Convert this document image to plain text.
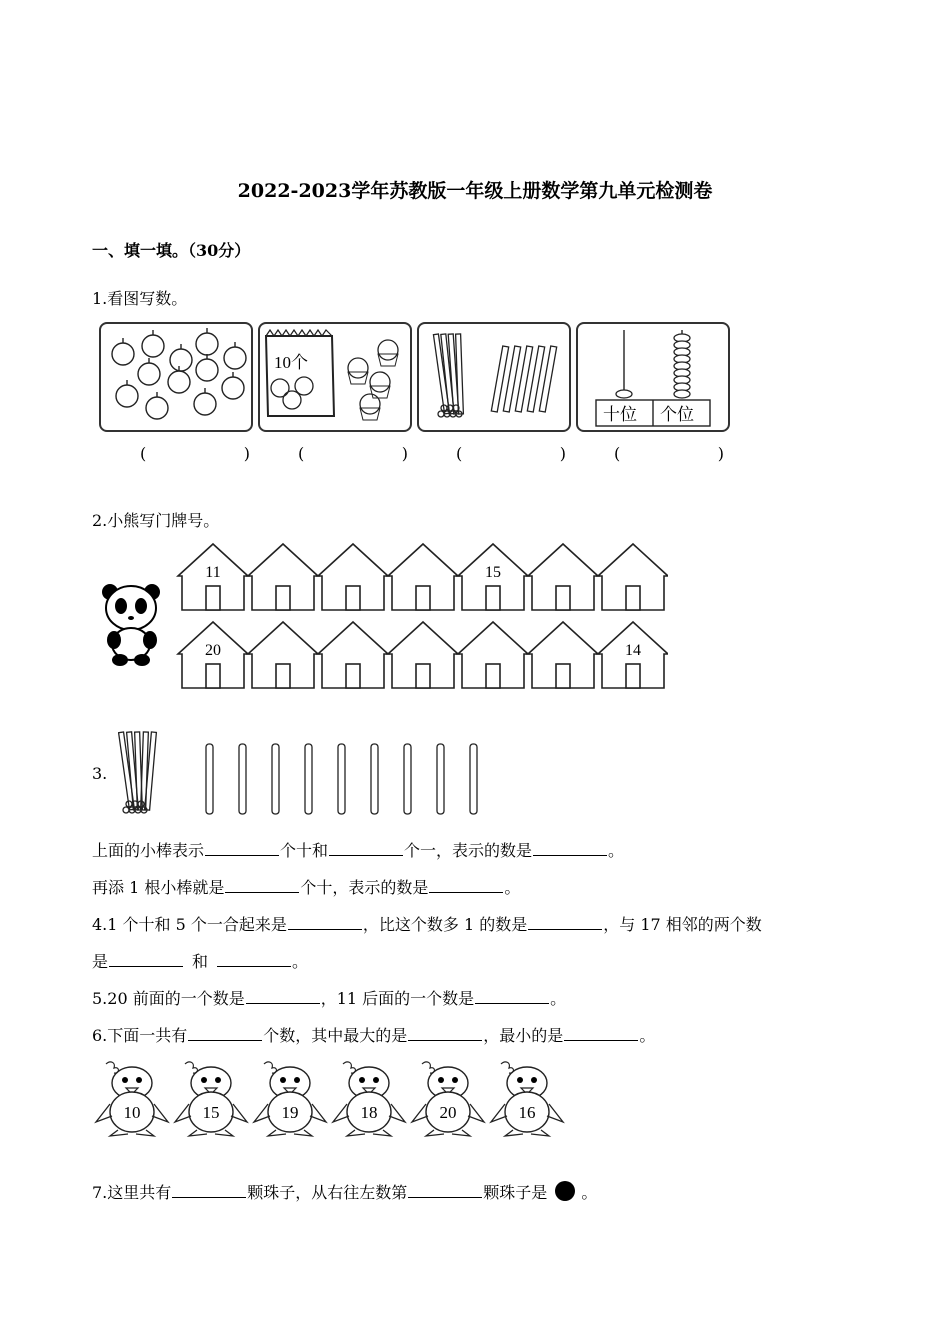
2022-2023学年苏教版一年级上册数学第九单元检测卷
一、填一填。（30分）
1.看图写数。
10个
十位 个位
(	)	(	)	(	)	(	)
2.小熊写门牌号。
11	15
20	14
3.
上面的小棒表示	个十和	个一，表示的数是	。
再添 1 根小棒就是	个十，表示的数是	。
4.1 个十和 5 个一合起来是	，比这个数多 1 的数是	，与 17 相邻的两个数
是	和	。
5.20 前面的一个数是	，11 后面的一个数是	。
6.下面一共有	个数，其中最大的是	，最小的是	。
10	15	19	18	20	16
7.这里共有	颗珠子，从右往左数第	颗珠子是 。
